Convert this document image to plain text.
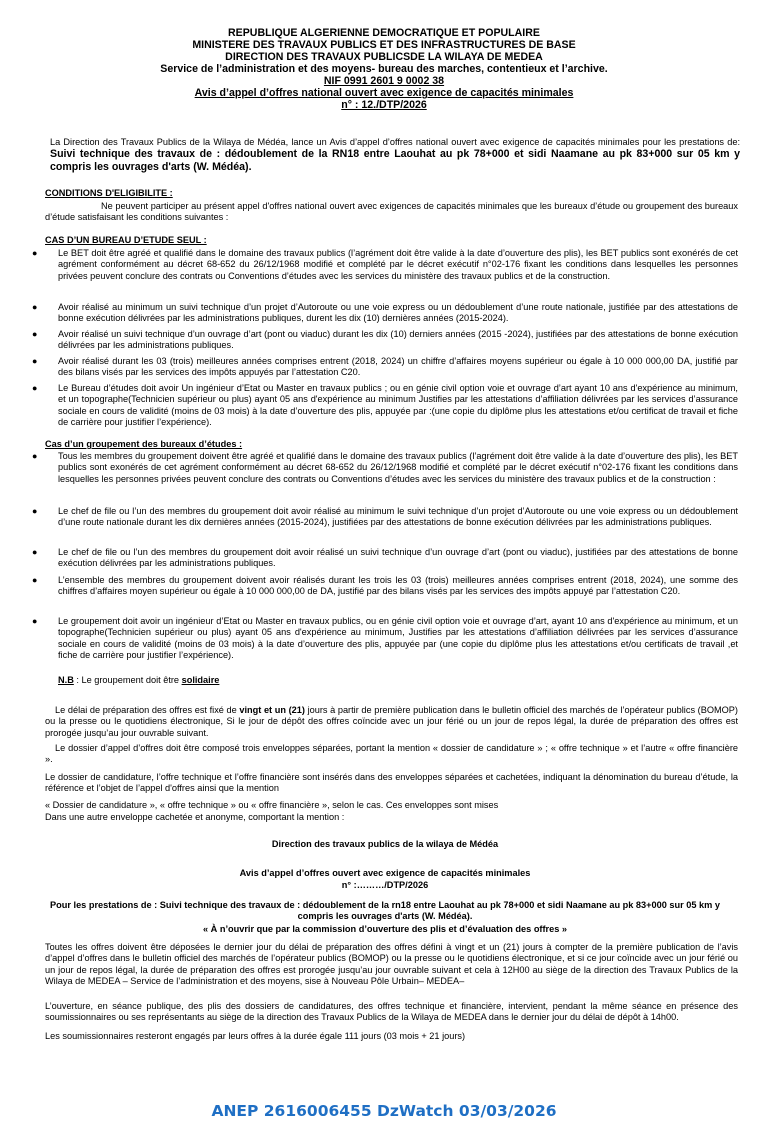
REPUBLIQUE ALGERIENNE DEMOCRATIQUE ET POPULAIRE
MINISTERE DES TRAVAUX PUBLICS ET DES INFRASTRUCTURES DE BASE
DIRECTION DES TRAVAUX PUBLICSDE LA WILAYA DE MEDEA
Service de l’administration et des moyens- bureau des marches, contentieux et l’archive.
NIF 0991 2601 9 0002 38
Avis d’appel d’offres national ouvert avec exigence de capacités minimales
n° : 12./DTP/2026

La Direction des Travaux Publics de la Wilaya de Médéa, lance un Avis d’appel d’offres national ouvert avec exigence de capacités minimales pour les prestations de: Suivi technique des travaux de : dédoublement de la RN18 entre Laouhat au pk 78+000 et sidi Naamane au pk 83+000 sur 05 km y compris les ouvrages d'arts (W. Médéa).

CONDITIONS D'ELIGIBILITE :

Ne peuvent participer au présent appel d'offres national ouvert avec exigences de capacités minimales que les bureaux d’étude ou groupement des bureaux d’étude satisfaisant les conditions suivantes :

CAS D’UN BUREAU D’ETUDE SEUL :

● Le BET doit être agréé et qualifié dans le domaine des travaux publics (l’agrément doit être valide à la date d’ouverture des plis), les BET publics sont exonérés de cet agrément conformément au décret 68-652 du 26/12/1968 modifié et complété par le décret exécutif n°02-176 fixant les conditions dans lesquelles les personnes privées peuvent conclure des contrats ou Conventions d’études avec les services du ministère des travaux publics et de la construction.
● Avoir réalisé au minimum un suivi technique d’un projet d’Autoroute ou une voie express ou un dédoublement d’une route nationale, justifiée par des attestations de bonne exécution délivrées par les administrations publiques, durent les dix (10) dernières années (2015-2024).
● Avoir réalisé un suivi technique d’un ouvrage d’art (pont ou viaduc) durant les dix (10) derniers années (2015 -2024), justifiées par des attestations de bonne exécution délivrées par les administrations publiques.
● Avoir réalisé durant les 03 (trois) meilleures années comprises entrent (2018, 2024) un chiffre d’affaires moyens supérieur ou égale à 10 000 000,00 DA, justifié par des bilans visés par les services des impôts appuyés par l’attestation C20.
● Le Bureau d’études doit avoir Un ingénieur d’Etat ou Master en travaux publics ; ou en génie civil option voie et ouvrage d’art ayant 10 ans d'expérience au minimum, et un topographe(Technicien supérieur ou plus) ayant 05 ans d'expérience au minimum Justifies par les attestations d’affiliation délivrées par les services d’assurance sociale en cours de validité (moins de 03 mois) à la date d’ouverture des plis, appuyée par :(une copie du diplôme plus les attestations et/ou certificat de travail et fiche de carrière pour justifier l’expérience).

Cas d’un groupement des bureaux d’études :

● Tous les membres du groupement doivent être agréé et qualifié dans le domaine des travaux publics (l’agrément doit être valide à la date d’ouverture des plis), les BET publics sont exonérés de cet agrément conformément au décret 68-652 du 26/12/1968 modifié et complété par le décret exécutif n°02-176 fixant les conditions dans lesquelles les personnes privées peuvent conclure des contrats ou Conventions d’études avec les services du ministère des travaux publics et de la construction :
● Le chef de file ou l’un des membres du groupement doit avoir réalisé au minimum le suivi technique d’un projet d’Autoroute ou une voie express ou un dédoublement d’une route nationale durant les dix dernières années (2015-2024), justifiées par des attestations de bonne exécution délivrées par les administrations publiques.
● Le chef de file ou l’un des membres du groupement doit avoir réalisé un suivi technique d’un ouvrage d’art (pont ou viaduc), justifiées par des attestations de bonne exécution délivrées par les administrations publiques.
● L’ensemble des membres du groupement doivent avoir réalisés durant les trois les 03 (trois) meilleures années comprises entrent (2018, 2024), une somme des chiffres d’affaires moyen supérieur ou égale à 10 000 000,00 de DA, justifié par des bilans visés par les services des impôts appuyé par l’attestation C20.
● Le groupement doit avoir un ingénieur d’Etat ou Master en travaux publics, ou en génie civil option voie et ouvrage d’art, ayant 10 ans d'expérience au minimum, et un topographe(Technicien supérieur ou plus) ayant 05 ans d'expérience au minimum, Justifies par les attestations d’affiliation délivrées par les services d’assurance sociale en cours de validité (moins de 03 mois) à la date d’ouverture des plis, appuyée par (une copie du diplôme plus les attestations et/ou certificats de travail ,et fiche de carrière pour justifier l’expérience).

N.B : Le groupement doit être solidaire

Le délai de préparation des offres est fixé de vingt et un (21) jours à partir de première publication dans le bulletin officiel des marchés de l’opérateur publics (BOMOP) ou la presse ou le quotidiens électronique, Si le jour de dépôt des offres coïncide avec un jour férié ou un jour de repos légal, la durée de préparation des offres est prorogée jusqu’au jour ouvrable suivant.

Le dossier d’appel d’offres doit être composé trois enveloppes séparées, portant la mention « dossier de candidature » ; « offre technique » et l’autre « offre financière ».

Le dossier de candidature, l’offre technique et l’offre financière sont insérés dans des enveloppes séparées et cachetées, indiquant la dénomination du bureau d’étude, la référence et l’objet de l’appel d'offres ainsi que la mention

« Dossier de candidature », « offre technique » ou « offre financière », selon le cas. Ces enveloppes sont mises

Dans une autre enveloppe cachetée et anonyme, comportant la mention :

Direction des travaux publics de la wilaya de Médéa

Avis d’appel d’offres ouvert avec exigence de capacités minimales

n° :………/DTP/2026

Pour les prestations de : Suivi technique des travaux de : dédoublement de la rn18 entre Laouhat au pk 78+000 et sidi Naamane au pk 83+000 sur 05 km y compris les ouvrages d'arts (W. Médéa).

« À n’ouvrir que par la commission d’ouverture des plis et d’évaluation des offres »

Toutes les offres doivent être déposées le dernier jour du délai de préparation des offres défini à vingt et un (21) jours à compter de la première publication de l’avis d’appel d’offres dans le bulletin officiel des marchés de l’opérateur publics (BOMOP) ou la presse ou le quotidiens électronique, et si ce jour coïncide avec un jour férié ou un jour de repos légal, la durée de préparation des offres est prorogée jusqu’au jour ouvrable suivant et cela à 12H00 au siège de la direction des Travaux Publics de la Wilaya de MEDEA – Service de l’administration et des moyens, sise à Nouveau Pôle Urbain– MEDEA–

L’ouverture, en séance publique, des plis des dossiers de candidatures, des offres technique et financière, intervient, pendant la même séance en présence des soumissionnaires ou ses représentants au siège de la direction des Travaux Publics de la Wilaya de MEDEA dans le dernier jour du délai de dépôt à 14h00.

Les soumissionnaires resteront engagés par leurs offres à la durée égale 111 jours (03 mois + 21 jours)

ANEP 2616006455 DzWatch 03/03/2026
